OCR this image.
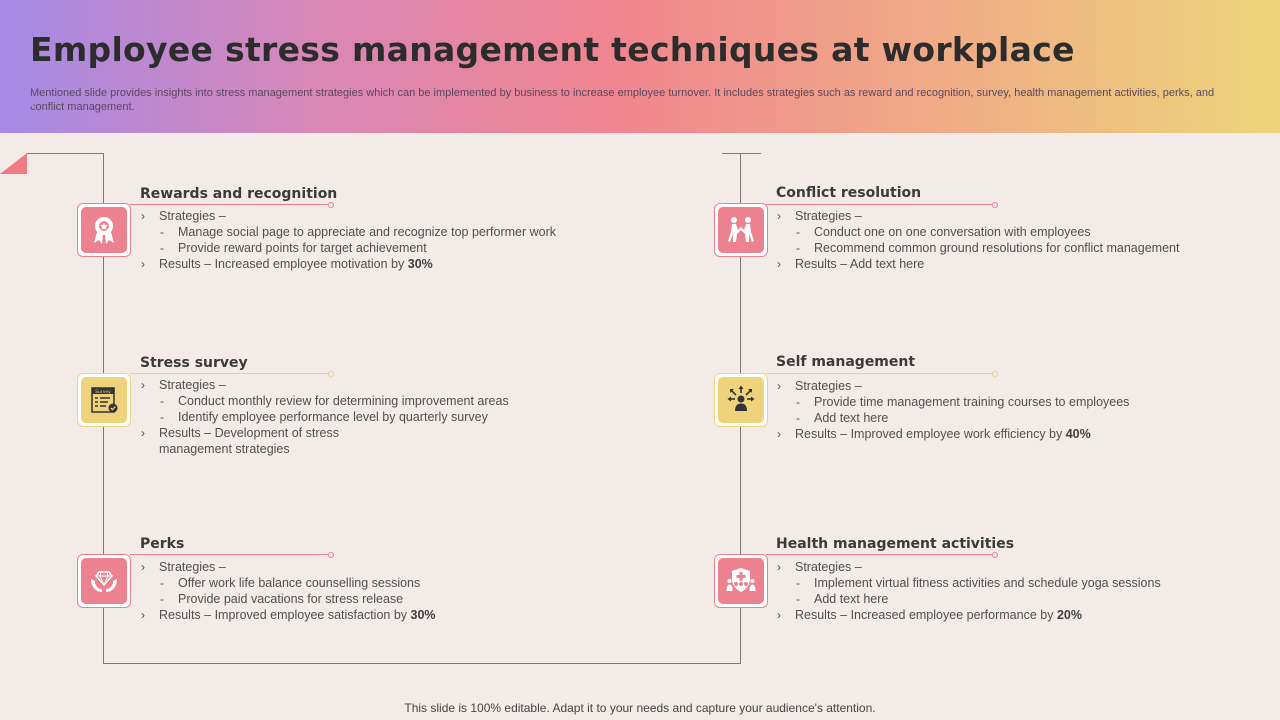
Employee stress management techniques at workplace
Mentioned slide provides insights into stress management strategies which can be implemented by business to increase employee turnover. It includes strategies such as reward and recognition, survey, health management activities, perks, and conflict management.
Rewards and recognition
› Strategies –
- Manage social page to appreciate and recognize top performer work
- Provide reward points for target achievement
› Results – Increased employee motivation by 30%
Survey
Stress survey
› Strategies –
- Conduct monthly review for determining improvement areas
- Identify employee performance level by quarterly survey
› Results – Development of stress
management strategies
Perks
› Strategies –
- Offer work life balance counselling sessions
- Provide paid vacations for stress release
› Results – Improved employee satisfaction by 30%
Conflict resolution
› Strategies –
- Conduct one on one conversation with employees
- Recommend common ground resolutions for conflict management
› Results – Add text here
Self management
› Strategies –
- Provide time management training courses to employees
- Add text here
› Results – Improved employee work efficiency by 40%
Health management activities
› Strategies –
- Implement virtual fitness activities and schedule yoga sessions
- Add text here
› Results – Increased employee performance by 20%
This slide is 100% editable. Adapt it to your needs and capture your audience's attention.
